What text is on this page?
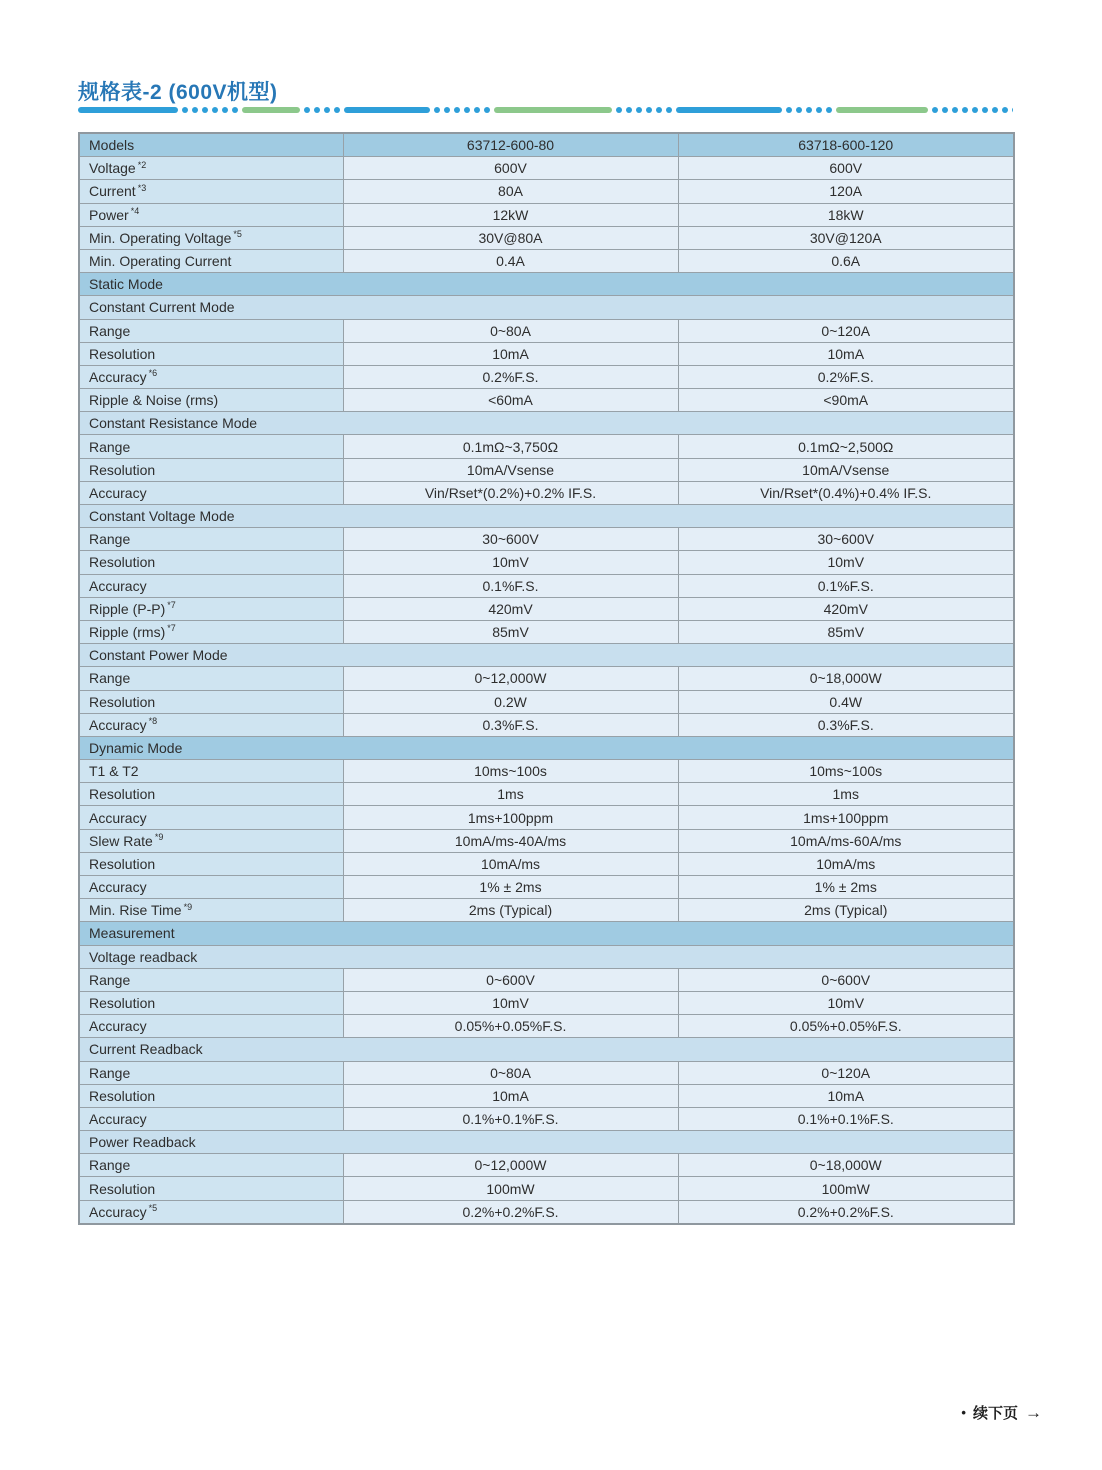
规格表-2 (600V机型)
Models	63712-600-80	63718-600-120
Voltage $^{*2}$	600V	600V
Current $^{*3}$	80A	120A
Power $^{*4}$	12kW	18kW
Min. Operating Voltage $^{*5}$	30V@80A	30V@120A
Min. Operating Current	0.4A	0.6A
Static Mode		
Constant Current Mode		
Range	0~80A	0~120A
Resolution	10mA	10mA
Accuracy $^{*6}$	0.2%F.S.	0.2%F.S.
Ripple & Noise (rms)	<60mA	<90mA
Constant Resistance Mode		
Range	0.1mΩ~3,750Ω	0.1mΩ~2,500Ω
Resolution	10mA/Vsense	10mA/Vsense
Accuracy	Vin/Rset*(0.2%)+0.2% IF.S.	Vin/Rset*(0.4%)+0.4% IF.S.
Constant Voltage Mode		
Range	30~600V	30~600V
Resolution	10mV	10mV
Accuracy	0.1%F.S.	0.1%F.S.
Ripple (P-P) $^{*7}$	420mV	420mV
Ripple (rms) $^{*7}$	85mV	85mV
Constant Power Mode		
Range	0~12,000W	0~18,000W
Resolution	0.2W	0.4W
Accuracy $^{*8}$	0.3%F.S.	0.3%F.S.
Dynamic Mode		
T1 & T2	10ms~100s	10ms~100s
Resolution	1ms	1ms
Accuracy	1ms+100ppm	1ms+100ppm
Slew Rate $^{*9}$	10mA/ms-40A/ms	10mA/ms-60A/ms
Resolution	10mA/ms	10mA/ms
Accuracy	1% ± 2ms	1% ± 2ms
Min. Rise Time $^{*9}$	2ms (Typical)	2ms (Typical)
Measurement		
Voltage readback		
Range	0~600V	0~600V
Resolution	10mV	10mV
Accuracy	0.05%+0.05%F.S.	0.05%+0.05%F.S.
Current Readback		
Range	0~80A	0~120A
Resolution	10mA	10mA
Accuracy	0.1%+0.1%F.S.	0.1%+0.1%F.S.
Power Readback		
Range	0~12,000W	0~18,000W
Resolution	100mW	100mW
Accuracy $^{*5}$	0.2%+0.2%F.S.	0.2%+0.2%F.S.
• 续下页 →
